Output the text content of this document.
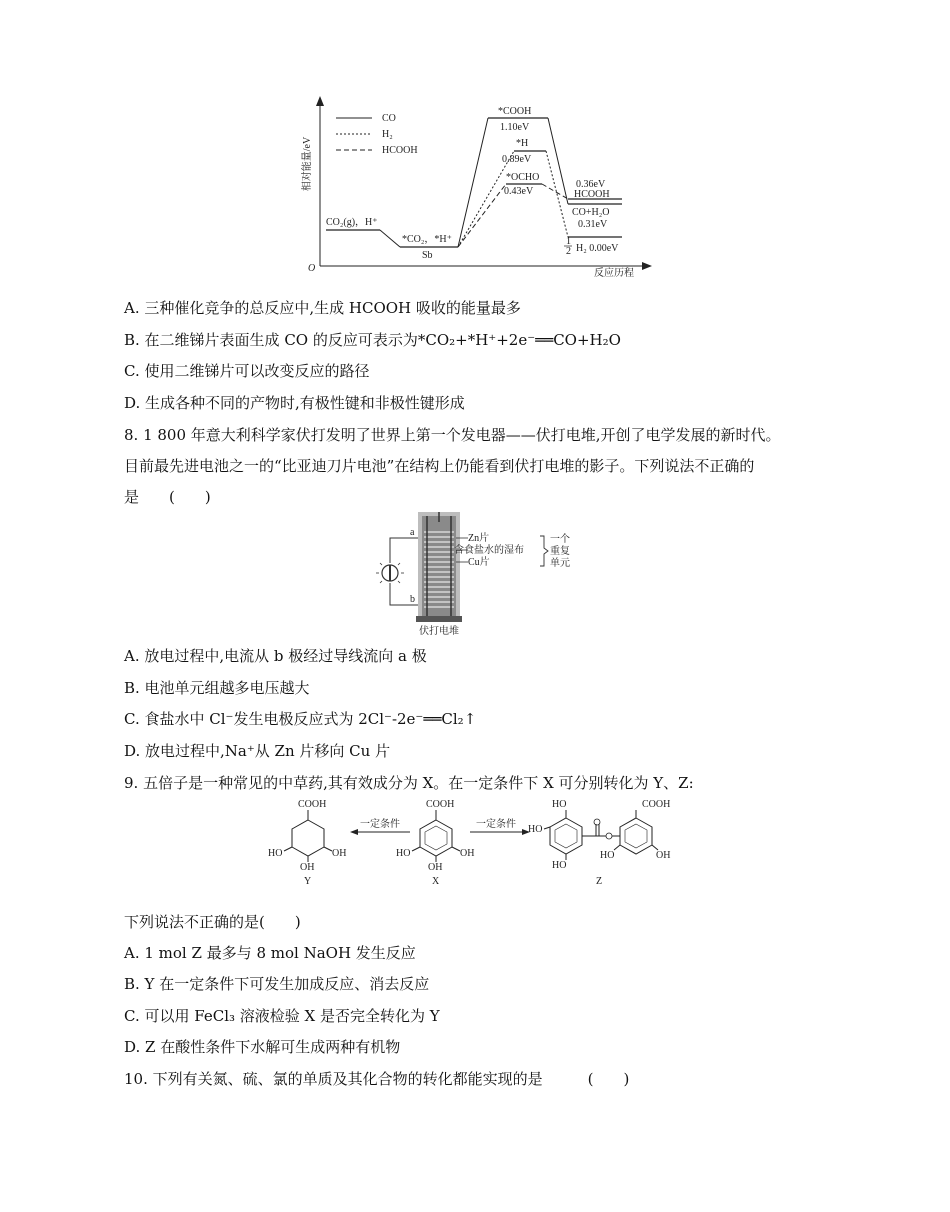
相对能量/eV
反应历程
O
CO
H₂
HCOOH
CO₂(g)，H⁺
*CO₂，*H⁺
Sb
*COOH
1.10eV
*H
0.89eV
*OCHO
0.43eV
0.36eV
HCOOH
CO+H₂O
0.31eV
1
2 H₂ 0.00eV
A. 三种催化竞争的总反应中,生成 HCOOH 吸收的能量最多
B. 在二维锑片表面生成 CO 的反应可表示为*CO₂+*H⁺+2e⁻══CO+H₂O
C. 使用二维锑片可以改变反应的路径
D. 生成各种不同的产物时,有极性键和非极性键形成
8. 1 800 年意大利科学家伏打发明了世界上第一个发电器——伏打电堆,开创了电学发展的新时代。
目前最先进电池之一的“比亚迪刀片电池”在结构上仍能看到伏打电堆的影子。下列说法不正确的
是　　(　　)
a
b
Zn片
含食盐水的湿布
Cu片
一个
重复
单元
伏打电堆
A. 放电过程中,电流从 b 极经过导线流向 a 极
B. 电池单元组越多电压越大
C. 食盐水中 Cl⁻发生电极反应式为 2Cl⁻-2e⁻══Cl₂↑
D. 放电过程中,Na⁺从 Zn 片移向 Cu 片
9. 五倍子是一种常见的中草药,其有效成分为 X。在一定条件下 X 可分别转化为 Y、Z:
COOH
HO	OH
OH
Y
一定条件
COOH
HO	OH
OH
X
一定条件
HO
HO
HO
COOH
HO	OH
Z
下列说法不正确的是(　　)
A. 1 mol Z 最多与 8 mol NaOH 发生反应
B. Y 在一定条件下可发生加成反应、消去反应
C. 可以用 FeCl₃ 溶液检验 X 是否完全转化为 Y
D. Z 在酸性条件下水解可生成两种有机物
10. 下列有关氮、硫、氯的单质及其化合物的转化都能实现的是　　　(　　)
